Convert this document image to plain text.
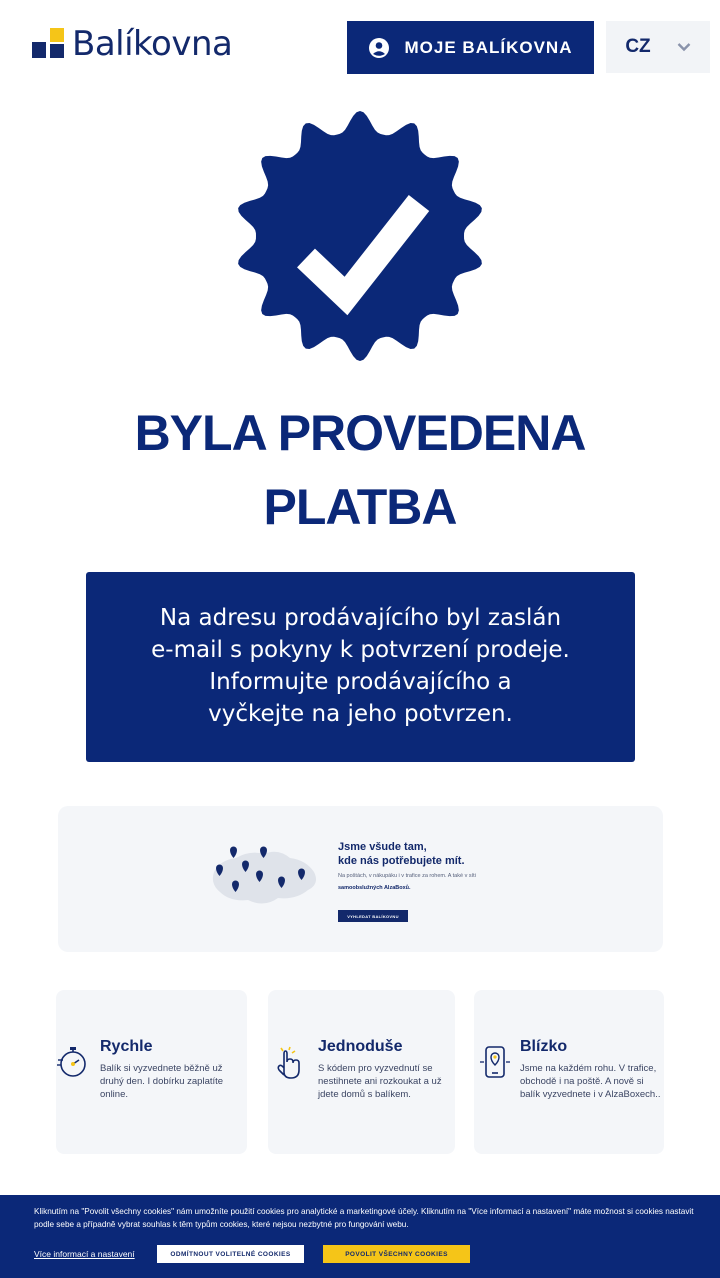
Balíkovna	MOJE BALÍKOVNA	CZ
BYLA PROVEDENA
PLATBA
Na adresu prodávajícího byl zaslán
e-mail s pokyny k potvrzení prodeje.
Informujte prodávajícího a
vyčkejte na jeho potvrzen.
Jsme všude tam,
kde nás potřebujete mít.
Na poštách, v nákupáku i v trafice za rohem. A také v síti
samoobslužných AlzaBoxů.
VYHLEDAT BALÍKOVNU
Rychle
Balík si vyzvednete běžně už druhý den. I dobírku zaplatíte online.
Jednoduše
S kódem pro vyzvednutí se nestihnete ani rozkoukat a už jdete domů s balíkem.
Blízko
Jsme na každém rohu. V trafice, obchodě i na poště. A nově si balík vyzvednete i v AlzaBoxech..
Kliknutím na "Povolit všechny cookies" nám umožníte použití cookies pro analytické a marketingové účely. Kliknutím na "Více informací a nastavení" máte možnost si cookies nastavit podle sebe a případně vybrat souhlas k těm typům cookies, které nejsou nezbytné pro fungování webu.
Více informací a nastavení	ODMÍTNOUT VOLITELNÉ COOKIES	POVOLIT VŠECHNY COOKIES
